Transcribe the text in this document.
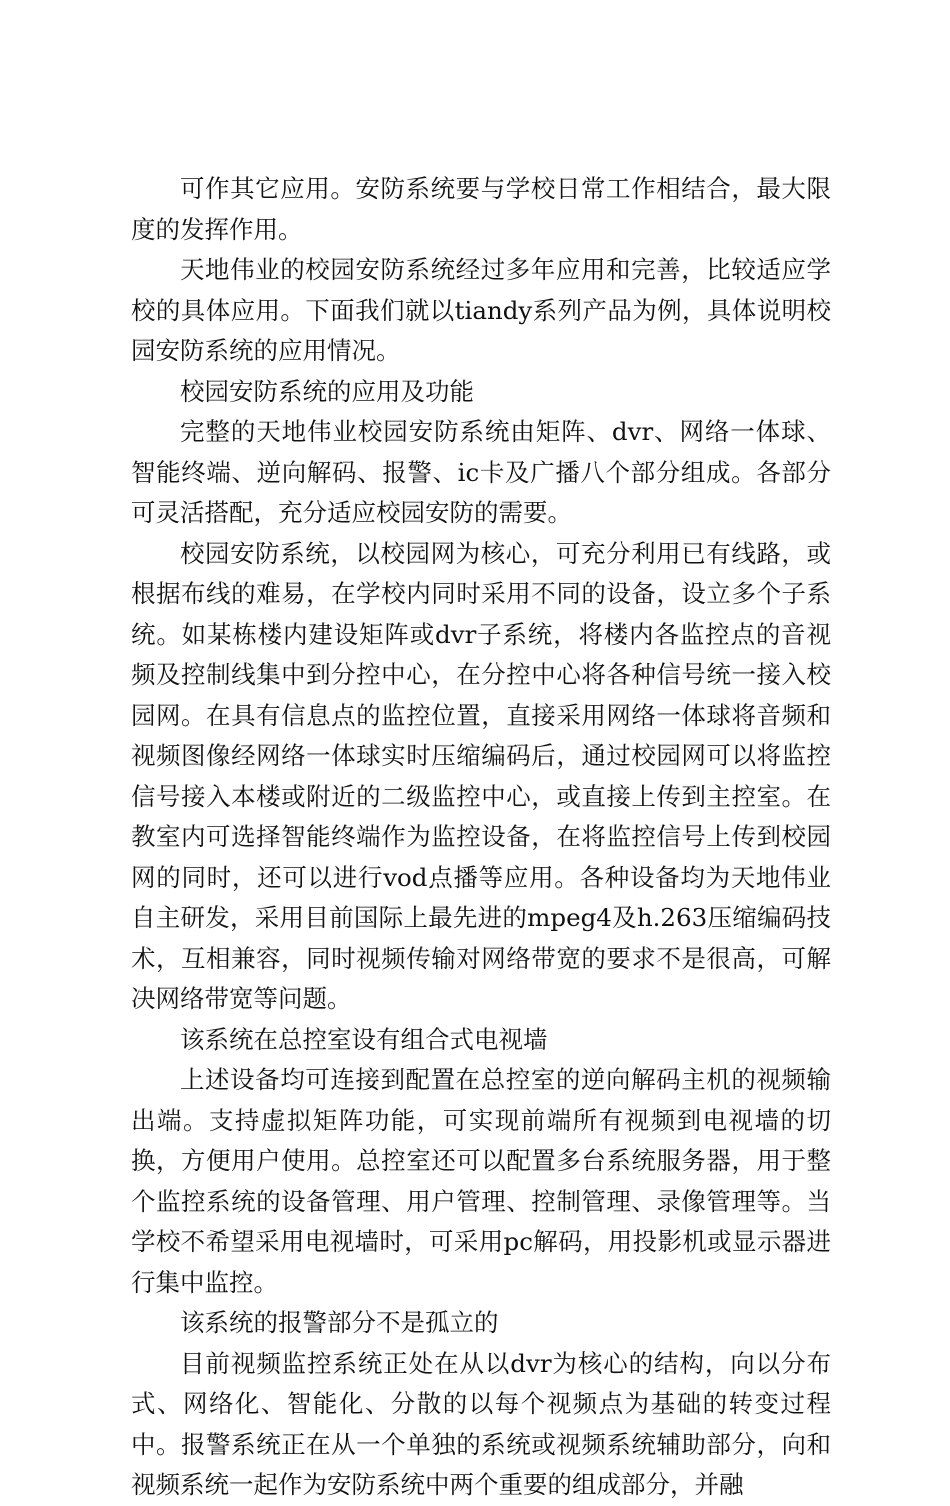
可作其它应用。安防系统要与学校日常工作相结合，最大限度的发挥作用。

天地伟业的校园安防系统经过多年应用和完善，比较适应学校的具体应用。下面我们就以tiandy系列产品为例，具体说明校园安防系统的应用情况。

校园安防系统的应用及功能

完整的天地伟业校园安防系统由矩阵、dvr、网络一体球、智能终端、逆向解码、报警、ic卡及广播八个部分组成。各部分可灵活搭配，充分适应校园安防的需要。

校园安防系统，以校园网为核心，可充分利用已有线路，或根据布线的难易，在学校内同时采用不同的设备，设立多个子系统。如某栋楼内建设矩阵或dvr子系统，将楼内各监控点的音视频及控制线集中到分控中心，在分控中心将各种信号统一接入校园网。在具有信息点的监控位置，直接采用网络一体球将音频和视频图像经网络一体球实时压缩编码后，通过校园网可以将监控信号接入本楼或附近的二级监控中心，或直接上传到主控室。在教室内可选择智能终端作为监控设备，在将监控信号上传到校园网的同时，还可以进行vod点播等应用。各种设备均为天地伟业自主研发，采用目前国际上最先进的mpeg4及h.263压缩编码技术，互相兼容，同时视频传输对网络带宽的要求不是很高，可解决网络带宽等问题。

该系统在总控室设有组合式电视墙

上述设备均可连接到配置在总控室的逆向解码主机的视频输出端。支持虚拟矩阵功能，可实现前端所有视频到电视墙的切换，方便用户使用。总控室还可以配置多台系统服务器，用于整个监控系统的设备管理、用户管理、控制管理、录像管理等。当学校不希望采用电视墙时，可采用pc解码，用投影机或显示器进行集中监控。

该系统的报警部分不是孤立的

目前视频监控系统正处在从以dvr为核心的结构，向以分布式、网络化、智能化、分散的以每个视频点为基础的转变过程中。报警系统正在从一个单独的系统或视频系统辅助部分，向和视频系统一起作为安防系统中两个重要的组成部分，并融
